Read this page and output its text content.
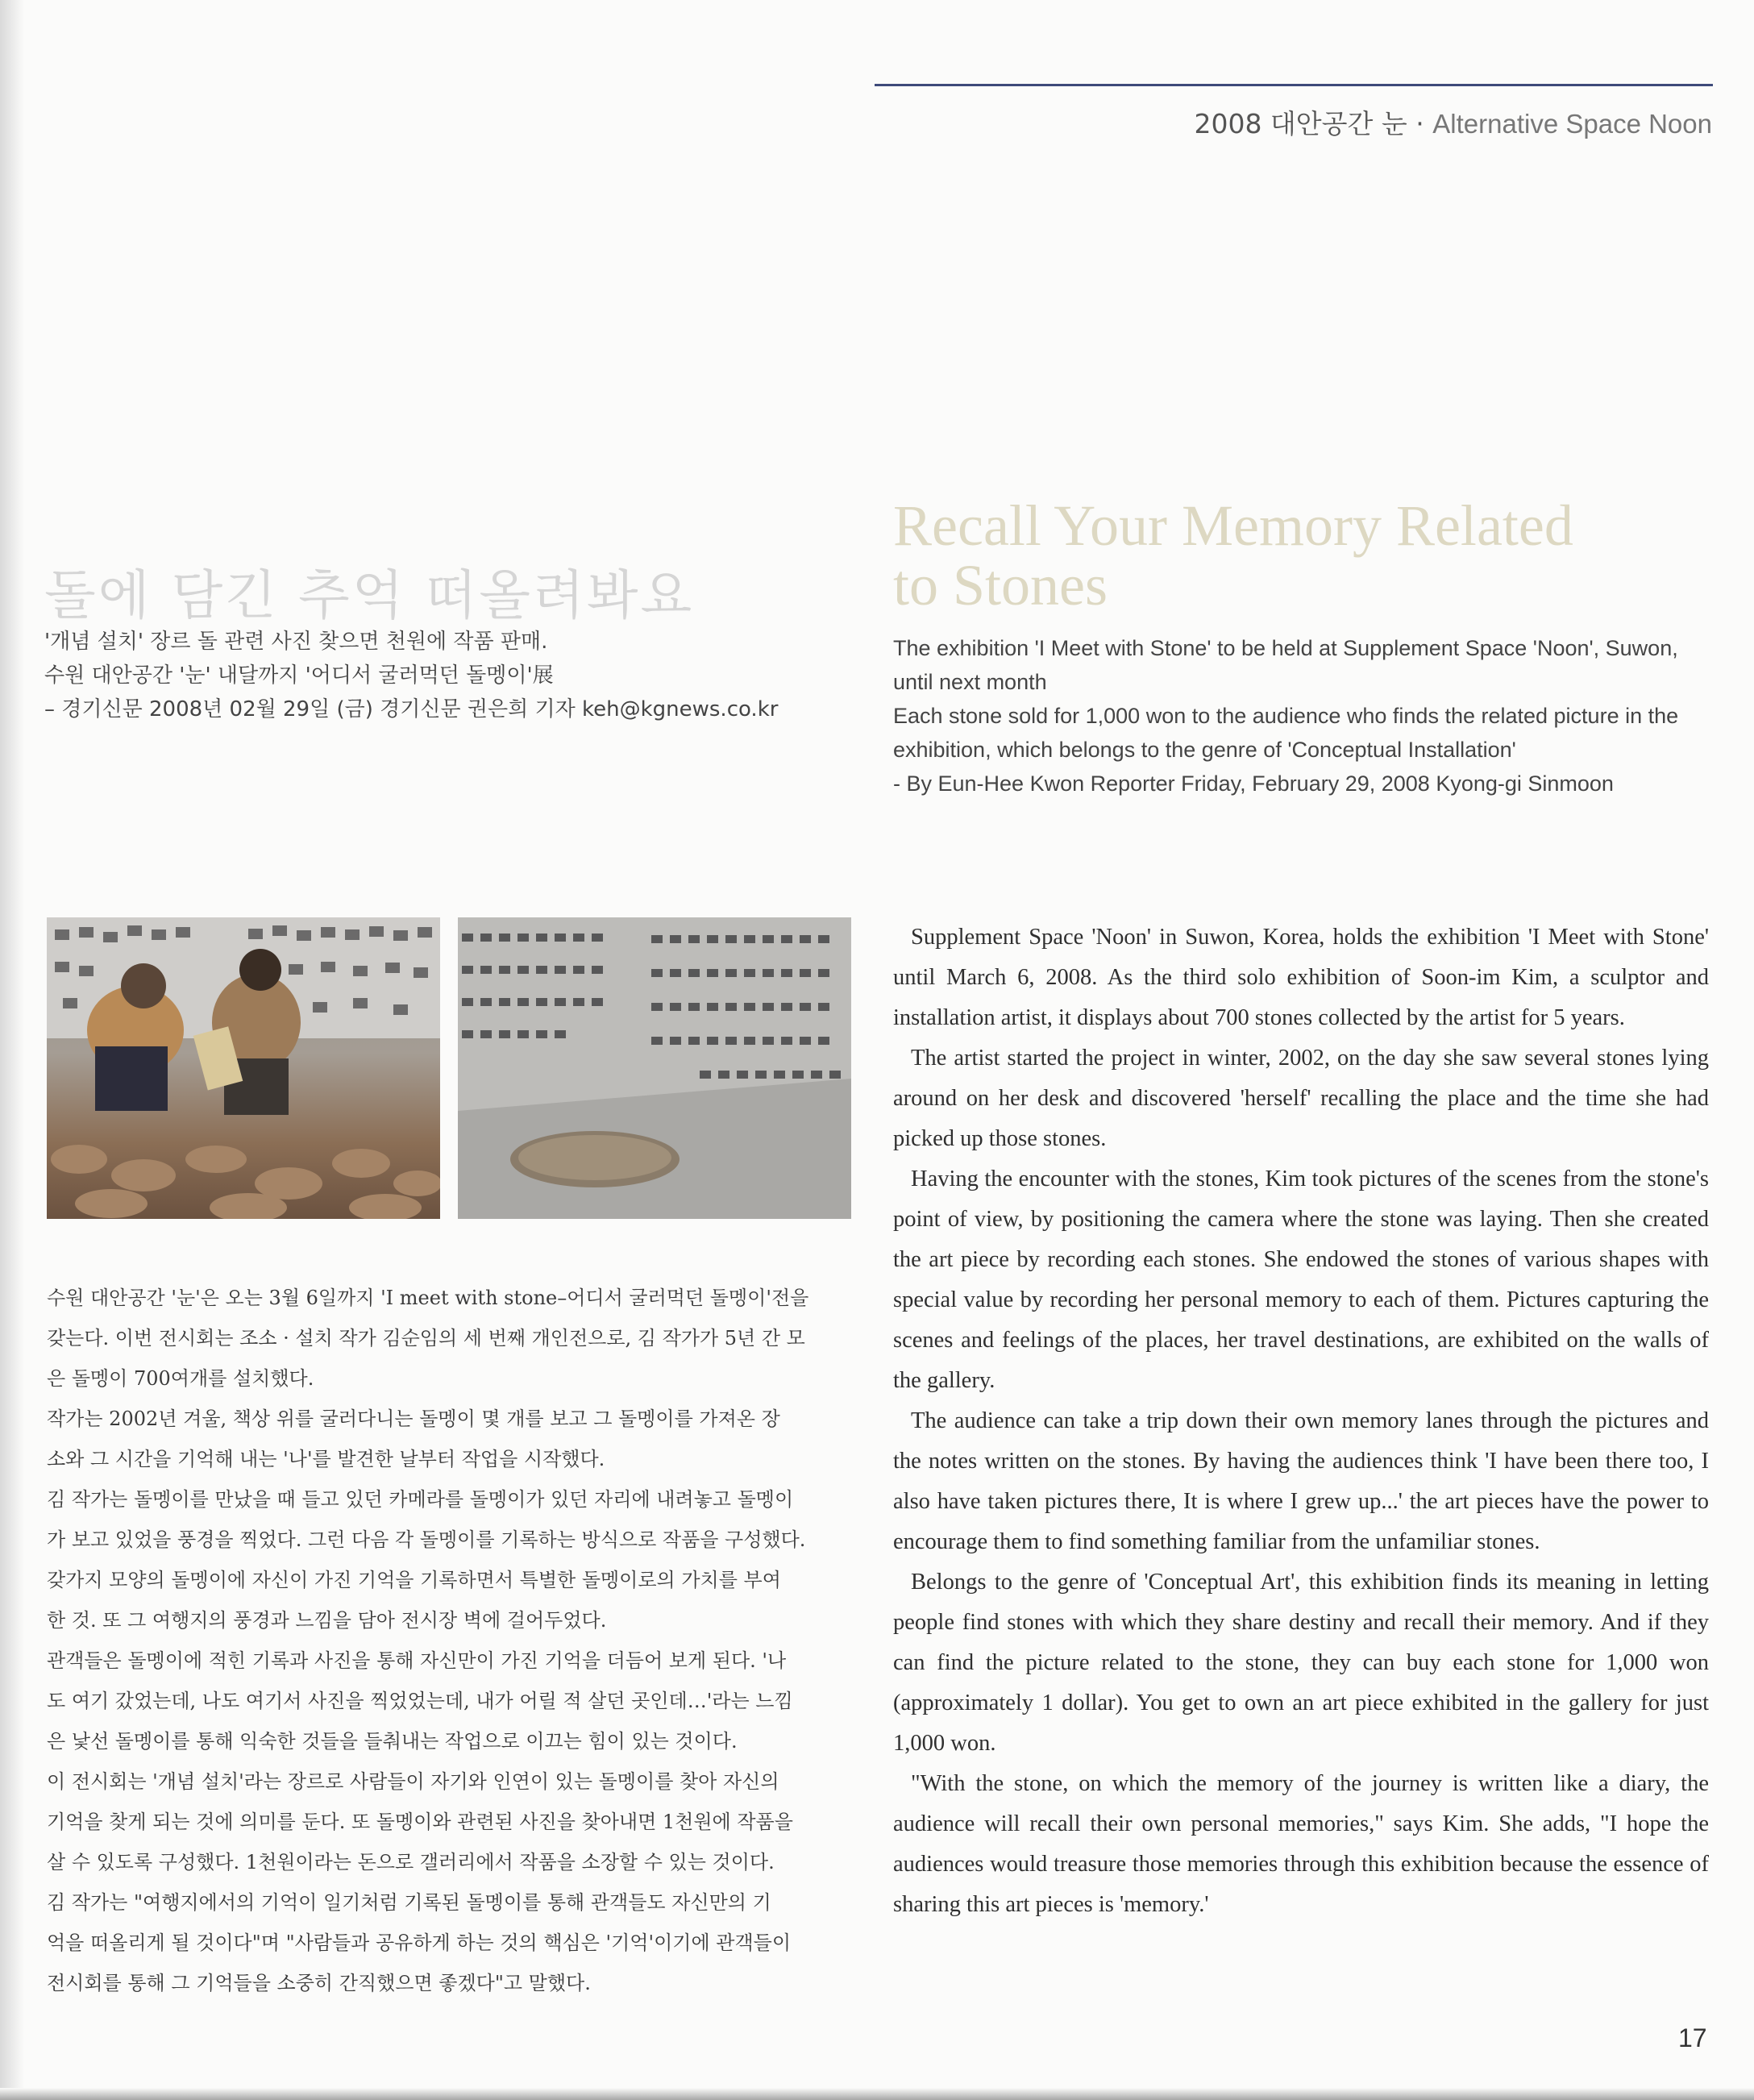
2008 대안공간 눈 · Alternative Space Noon
돌에 담긴 추억 떠올려봐요
'개념 설치' 장르 돌 관련 사진 찾으면 천원에 작품 판매.
수원 대안공간 '눈' 내달까지 '어디서 굴러먹던 돌멩이'展
– 경기신문 2008년 02월 29일 (금) 경기신문 권은희 기자 keh@kgnews.co.kr
Recall Your Memory Related
to Stones
The exhibition 'I Meet with Stone' to be held at Supplement Space 'Noon', Suwon,
until next month
Each stone sold for 1,000 won to the audience who finds the related picture in the
exhibition, which belongs to the genre of 'Conceptual Installation'
- By Eun-Hee Kwon Reporter Friday, February 29, 2008 Kyong-gi Sinmoon
수원 대안공간 '눈'은 오는 3월 6일까지 'I meet with stone–어디서 굴러먹던 돌멩이'전을
갖는다. 이번 전시회는 조소 · 설치 작가 김순임의 세 번째 개인전으로, 김 작가가 5년 간 모
은 돌멩이 700여개를 설치했다.
작가는 2002년 겨울, 책상 위를 굴러다니는 돌멩이 몇 개를 보고 그 돌멩이를 가져온 장
소와 그 시간을 기억해 내는 '나'를 발견한 날부터 작업을 시작했다.
김 작가는 돌멩이를 만났을 때 들고 있던 카메라를 돌멩이가 있던 자리에 내려놓고 돌멩이
가 보고 있었을 풍경을 찍었다. 그런 다음 각 돌멩이를 기록하는 방식으로 작품을 구성했다.
갖가지 모양의 돌멩이에 자신이 가진 기억을 기록하면서 특별한 돌멩이로의 가치를 부여
한 것. 또 그 여행지의 풍경과 느낌을 담아 전시장 벽에 걸어두었다.
관객들은 돌멩이에 적힌 기록과 사진을 통해 자신만이 가진 기억을 더듬어 보게 된다. '나
도 여기 갔었는데, 나도 여기서 사진을 찍었었는데, 내가 어릴 적 살던 곳인데…'라는 느낌
은 낯선 돌멩이를 통해 익숙한 것들을 들춰내는 작업으로 이끄는 힘이 있는 것이다.
이 전시회는 '개념 설치'라는 장르로 사람들이 자기와 인연이 있는 돌멩이를 찾아 자신의
기억을 찾게 되는 것에 의미를 둔다. 또 돌멩이와 관련된 사진을 찾아내면 1천원에 작품을
살 수 있도록 구성했다. 1천원이라는 돈으로 갤러리에서 작품을 소장할 수 있는 것이다.
김 작가는 "여행지에서의 기억이 일기처럼 기록된 돌멩이를 통해 관객들도 자신만의 기
억을 떠올리게 될 것이다"며 "사람들과 공유하게 하는 것의 핵심은 '기억'이기에 관객들이
전시회를 통해 그 기억들을 소중히 간직했으면 좋겠다"고 말했다.

Supplement Space 'Noon' in Suwon, Korea, holds the exhibition 'I Meet with Stone' until March 6, 2008. As the third solo exhibition of Soon-im Kim, a sculptor and installation artist, it displays about 700 stones collected by the artist for 5 years.

The artist started the project in winter, 2002, on the day she saw several stones lying around on her desk and discovered 'herself' recalling the place and the time she had picked up those stones.

Having the encounter with the stones, Kim took pictures of the scenes from the stone's point of view, by positioning the camera where the stone was laying. Then she created the art piece by recording each stones. She endowed the stones of various shapes with special value by recording her personal memory to each of them. Pictures capturing the scenes and feelings of the places, her travel destinations, are exhibited on the walls of the gallery.

The audience can take a trip down their own memory lanes through the pictures and the notes written on the stones. By having the audiences think 'I have been there too, I also have taken pictures there, It is where I grew up...' the art pieces have the power to encourage them to find something familiar from the unfamiliar stones.

Belongs to the genre of 'Conceptual Art', this exhibition finds its meaning in letting people find stones with which they share destiny and recall their memory. And if they can find the picture related to the stone, they can buy each stone for 1,000 won (approximately 1 dollar). You get to own an art piece exhibited in the gallery for just 1,000 won.

"With the stone, on which the memory of the journey is written like a diary, the audience will recall their own personal memories," says Kim. She adds, "I hope the audiences would treasure those memories through this exhibition because the essence of sharing this art pieces is 'memory.'

17
